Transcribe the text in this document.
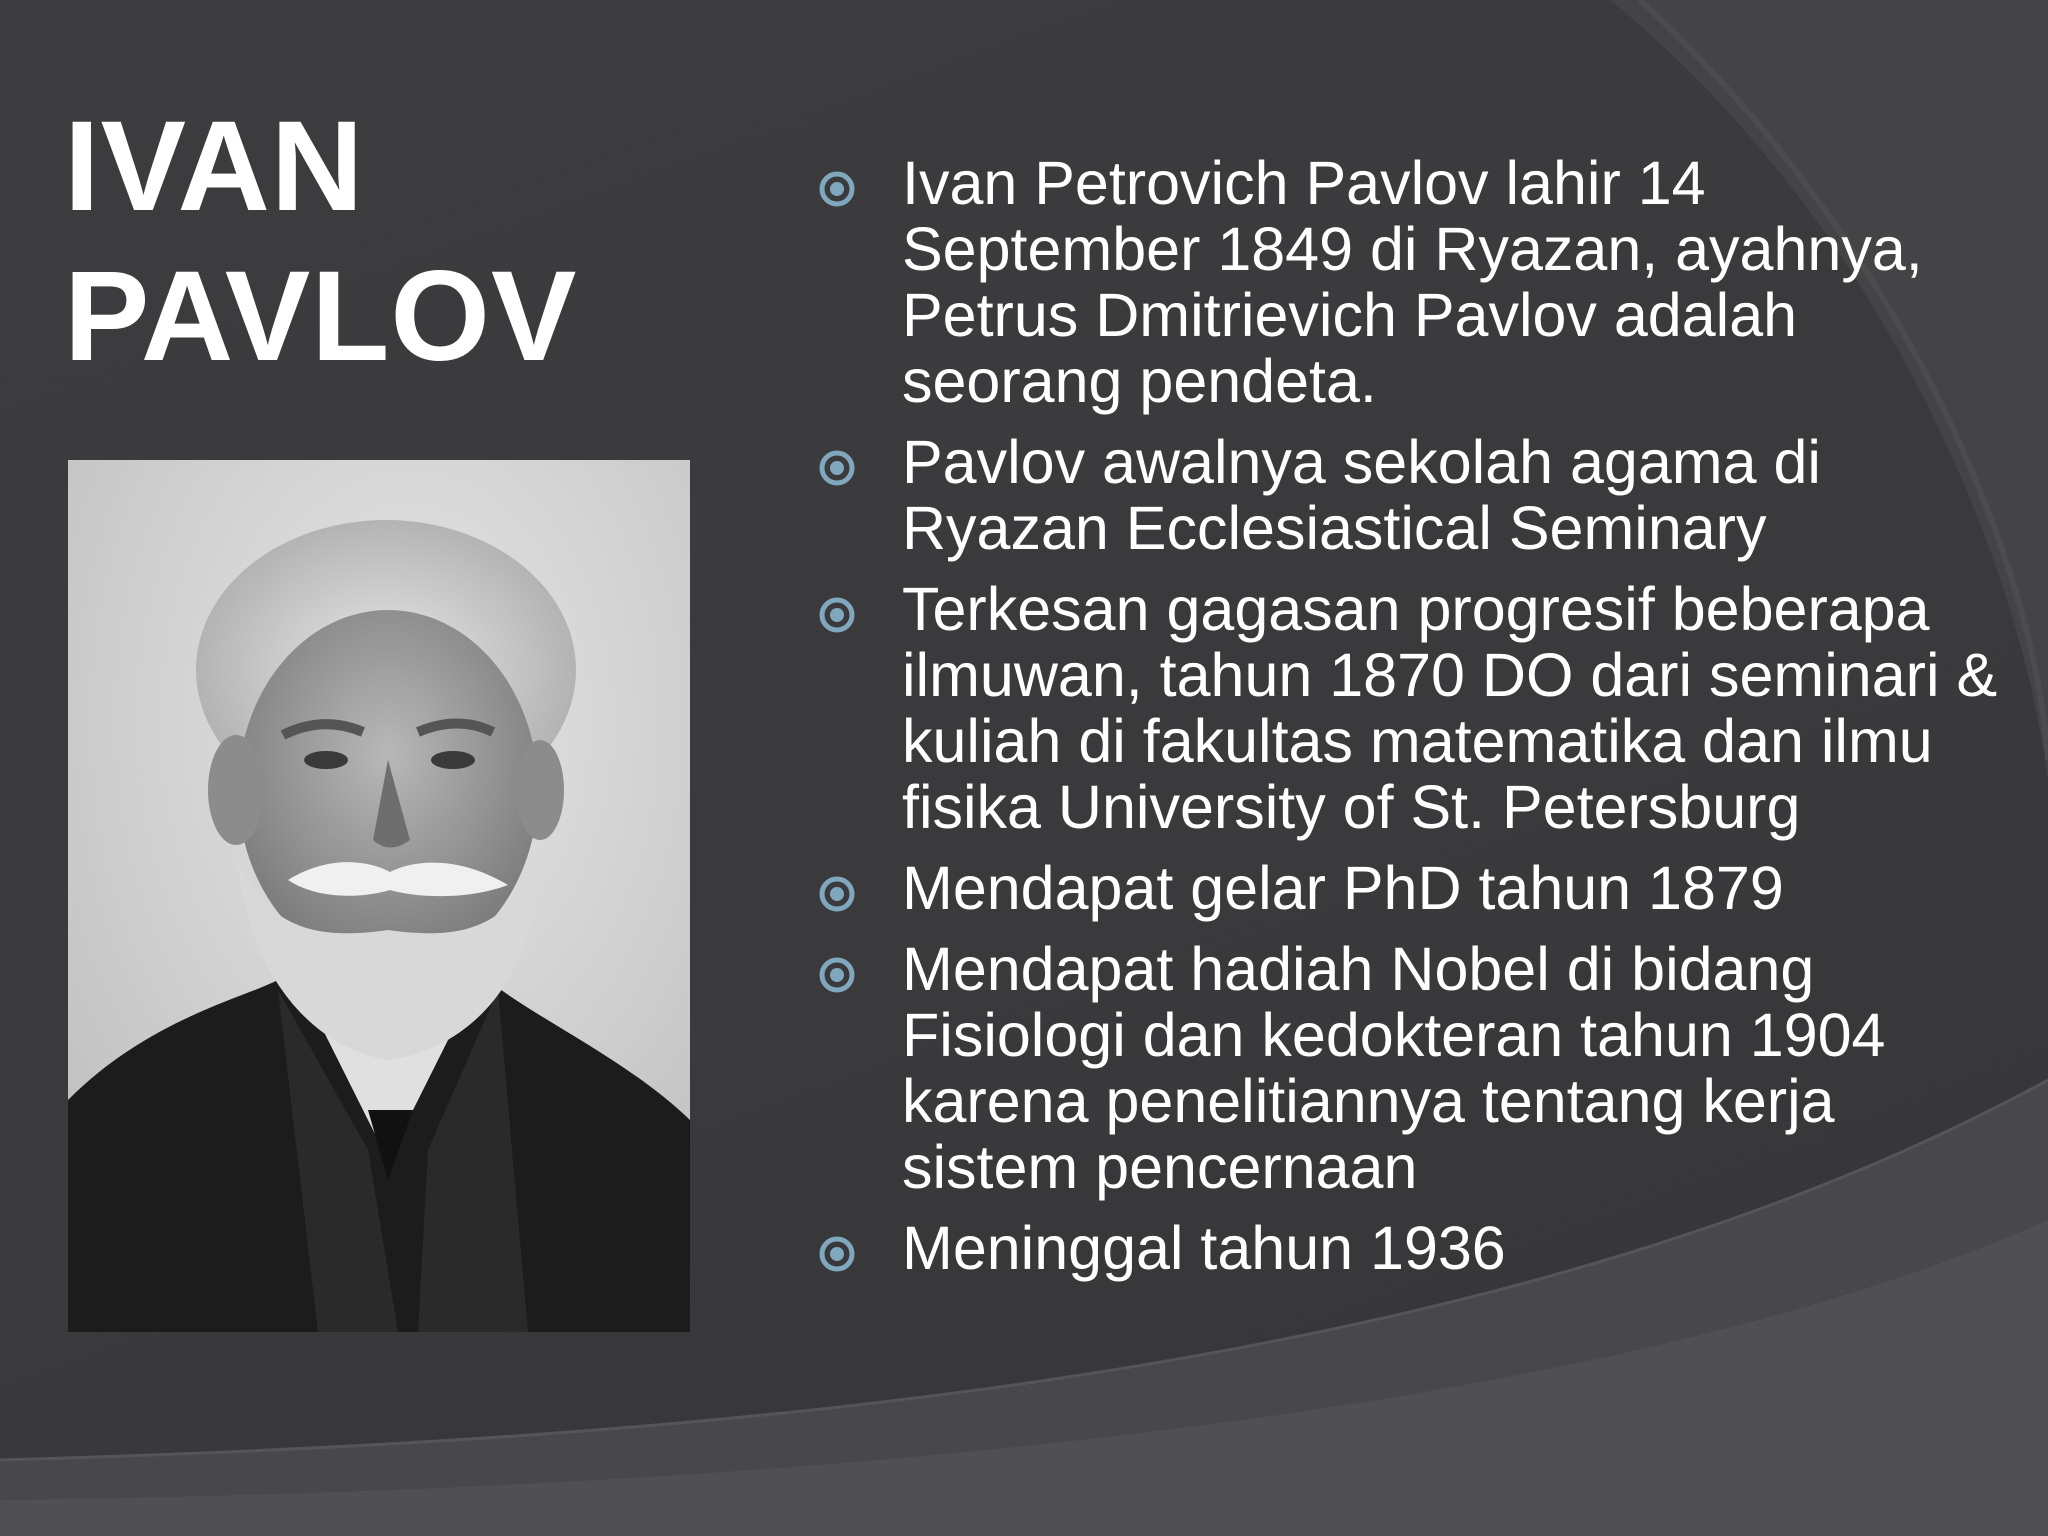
IVAN
PAVLOV
Ivan Petrovich Pavlov lahir 14 September 1849 di Ryazan, ayahnya, Petrus Dmitrievich Pavlov adalah seorang pendeta.
Pavlov awalnya sekolah agama di Ryazan Ecclesiastical Seminary
Terkesan gagasan progresif beberapa ilmuwan, tahun 1870 DO dari seminari & kuliah di fakultas matematika dan ilmu fisika University of St. Petersburg
Mendapat gelar PhD tahun 1879
Mendapat hadiah Nobel di bidang Fisiologi dan kedokteran tahun 1904 karena penelitiannya tentang kerja sistem pencernaan
Meninggal tahun 1936
